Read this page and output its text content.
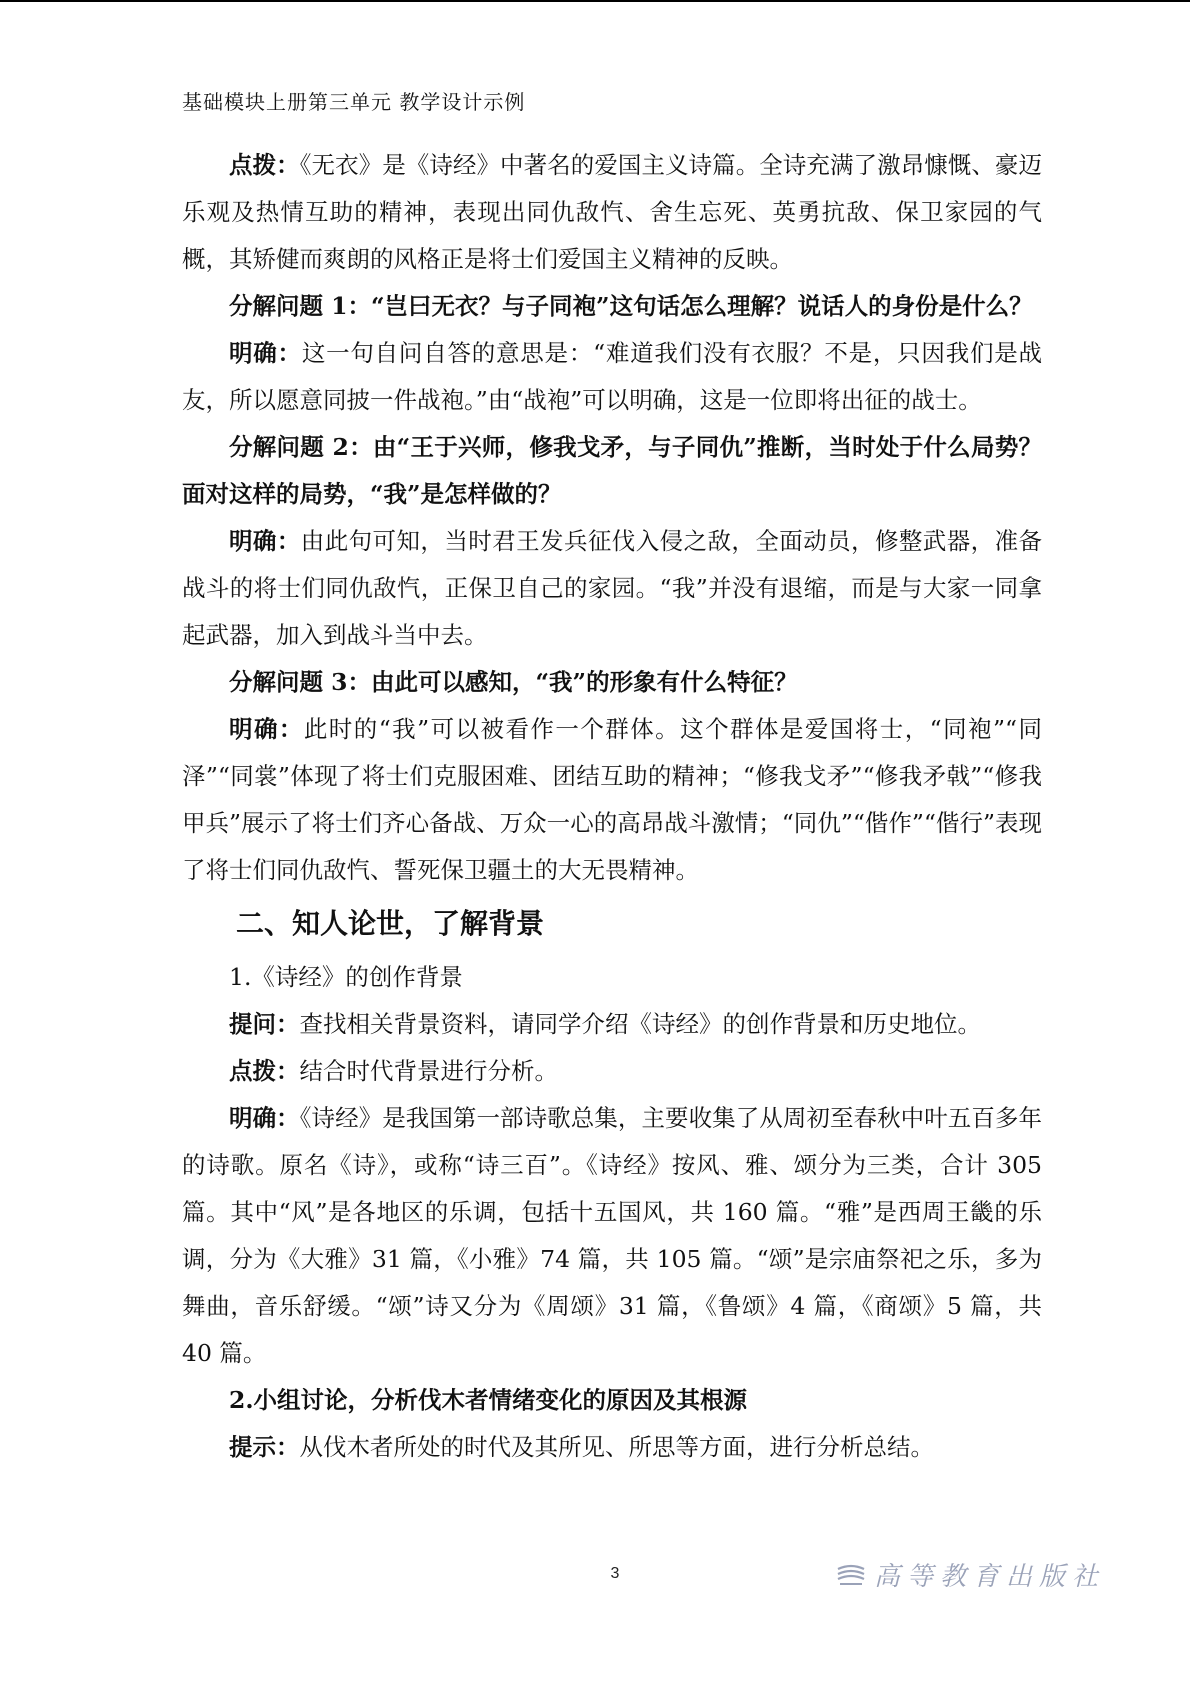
基础模块上册第三单元 教学设计示例

点拨：《无衣》是《诗经》中著名的爱国主义诗篇。全诗充满了激昂慷慨、豪迈乐观及热情互助的精神，表现出同仇敌忾、舍生忘死、英勇抗敌、保卫家园的气概，其矫健而爽朗的风格正是将士们爱国主义精神的反映。

分解问题 1：“岂曰无衣？与子同袍”这句话怎么理解？说话人的身份是什么？

明确：这一句自问自答的意思是：“难道我们没有衣服？不是，只因我们是战友，所以愿意同披一件战袍。”由“战袍”可以明确，这是一位即将出征的战士。

分解问题 2：由“王于兴师，修我戈矛，与子同仇”推断，当时处于什么局势？面对这样的局势，“我”是怎样做的？

明确：由此句可知，当时君王发兵征伐入侵之敌，全面动员，修整武器，准备战斗的将士们同仇敌忾，正保卫自己的家园。“我”并没有退缩，而是与大家一同拿起武器，加入到战斗当中去。

分解问题 3：由此可以感知，“我”的形象有什么特征？

明确：此时的“我”可以被看作一个群体。这个群体是爱国将士，“同袍”“同泽”“同裳”体现了将士们克服困难、团结互助的精神；“修我戈矛”“修我矛戟”“修我甲兵”展示了将士们齐心备战、万众一心的高昂战斗激情；“同仇”“偕作”“偕行”表现了将士们同仇敌忾、誓死保卫疆土的大无畏精神。

二、知人论世，了解背景

1.《诗经》的创作背景

提问：查找相关背景资料，请同学介绍《诗经》的创作背景和历史地位。

点拨：结合时代背景进行分析。

明确：《诗经》是我国第一部诗歌总集，主要收集了从周初至春秋中叶五百多年的诗歌。原名《诗》，或称“诗三百”。《诗经》按风、雅、颂分为三类，合计 305 篇。其中“风”是各地区的乐调，包括十五国风，共 160 篇。“雅”是西周王畿的乐调，分为《大雅》31 篇，《小雅》74 篇，共 105 篇。“颂”是宗庙祭祀之乐，多为舞曲，音乐舒缓。“颂”诗又分为《周颂》31 篇，《鲁颂》4 篇，《商颂》5 篇，共 40 篇。

2.小组讨论，分析伐木者情绪变化的原因及其根源

提示：从伐木者所处的时代及其所见、所思等方面，进行分析总结。

3	高等教育出版社
